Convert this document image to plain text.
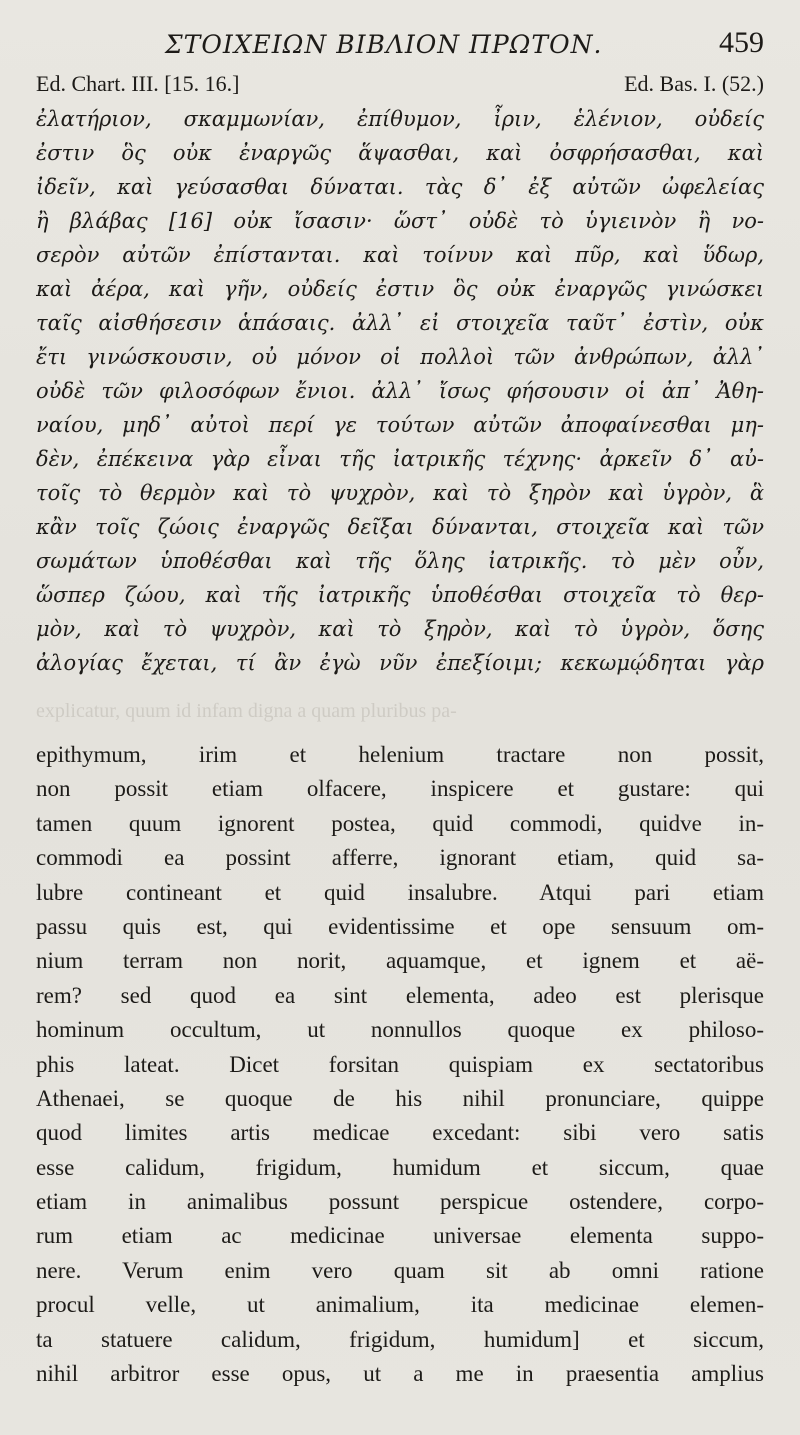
ΣΤΟΙΧΕΙΩΝ ΒΙΒΛΙΟΝ ΠΡΩΤΟΝ.	459
Ed. Chart. III. [15. 16.]	Ed. Bas. I. (52.)
ἐλατήριον, σκαμμωνίαν, ἐπίθυμον, ἶριν, ἑλένιον, οὐδείς
ἐστιν ὃς οὐκ ἐναργῶς ἅψασθαι, καὶ ὀσφρήσασθαι, καὶ
ἰδεῖν, καὶ γεύσασθαι δύναται. τὰς δ᾽ ἐξ αὐτῶν ὠφελείας
ἢ βλάβας [16] οὐκ ἴσασιν· ὥστ᾽ οὐδὲ τὸ ὑγιεινὸν ἢ νο-
σερὸν αὐτῶν ἐπίστανται. καὶ τοίνυν καὶ πῦρ, καὶ ὕδωρ,
καὶ ἀέρα, καὶ γῆν, οὐδείς ἐστιν ὃς οὐκ ἐναργῶς γινώσκει
ταῖς αἰσθήσεσιν ἁπάσαις. ἀλλ᾽ εἰ στοιχεῖα ταῦτ᾽ ἐστὶν, οὐκ
ἔτι γινώσκουσιν, οὐ μόνον οἱ πολλοὶ τῶν ἀνθρώπων, ἀλλ᾽
οὐδὲ τῶν φιλοσόφων ἔνιοι. ἀλλ᾽ ἴσως φήσουσιν οἱ ἀπ᾽ Ἀθη-
ναίου, μηδ᾽ αὐτοὶ περί γε τούτων αὐτῶν ἀποφαίνεσθαι μη-
δὲν, ἐπέκεινα γὰρ εἶναι τῆς ἰατρικῆς τέχνης· ἀρκεῖν δ᾽ αὐ-
τοῖς τὸ θερμὸν καὶ τὸ ψυχρὸν, καὶ τὸ ξηρὸν καὶ ὑγρὸν, ἃ
κἂν τοῖς ζώοις ἐναργῶς δεῖξαι δύνανται, στοιχεῖα καὶ τῶν
σωμάτων ὑποθέσθαι καὶ τῆς ὅλης ἰατρικῆς. τὸ μὲν οὖν,
ὥσπερ ζώου, καὶ τῆς ἰατρικῆς ὑποθέσθαι στοιχεῖα τὸ θερ-
μὸν, καὶ τὸ ψυχρὸν, καὶ τὸ ξηρὸν, καὶ τὸ ὑγρὸν, ὅσης
ἀλογίας ἔχεται, τί ἂν ἐγὼ νῦν ἐπεξίοιμι; κεκωμῴδηται γὰρ
explicatur, quum id infam digna a quam pluribus pa-
epithymum, irim et helenium tractare non possit,
non possit etiam olfacere, inspicere et gustare: qui
tamen quum ignorent postea, quid commodi, quidve in-
commodi ea possint afferre, ignorant etiam, quid sa-
lubre contineant et quid insalubre. Atqui pari etiam
passu quis est, qui evidentissime et ope sensuum om-
nium terram non norit, aquamque, et ignem et aë-
rem? sed quod ea sint elementa, adeo est plerisque
hominum occultum, ut nonnullos quoque ex philoso-
phis lateat. Dicet forsitan quispiam ex sectatoribus
Athenaei, se quoque de his nihil pronunciare, quippe
quod limites artis medicae excedant: sibi vero satis
esse calidum, frigidum, humidum et siccum, quae
etiam in animalibus possunt perspicue ostendere, corpo-
rum etiam ac medicinae universae elementa suppo-
nere. Verum enim vero quam sit ab omni ratione
procul velle, ut animalium, ita medicinae elemen-
ta statuere calidum, frigidum, humidum] et siccum,
nihil arbitror esse opus, ut a me in praesentia amplius
